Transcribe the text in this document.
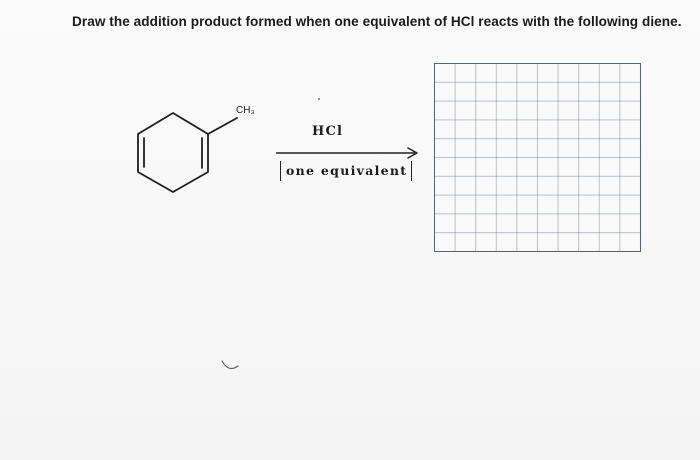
Draw the addition product formed when one equivalent of HCl reacts with the following diene.
CH₃
HCl
one equivalent
